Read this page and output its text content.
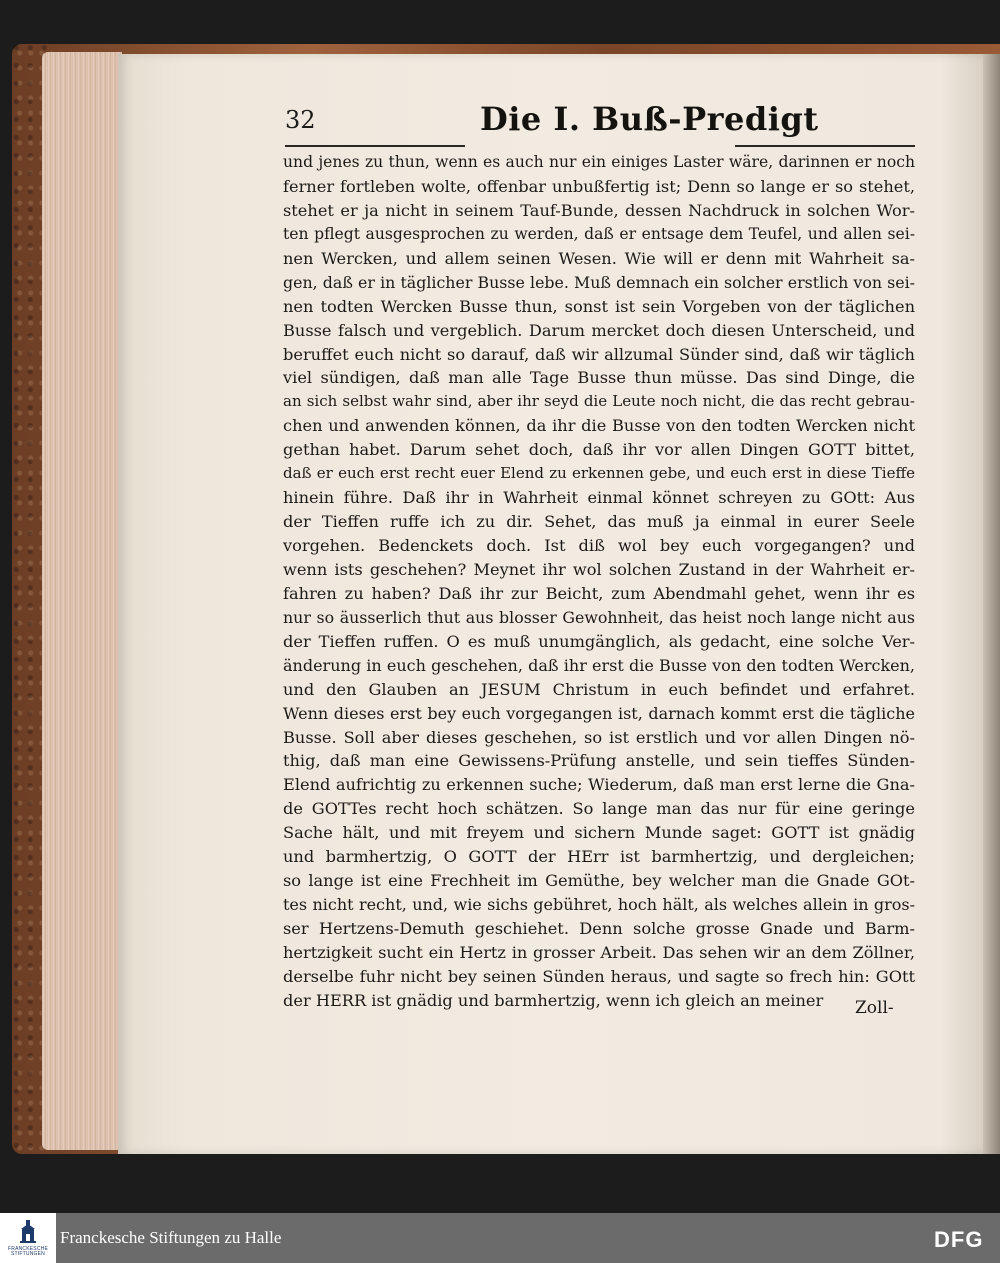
32	Die I. Buß-Predigt
und jenes zu thun, wenn es auch nur ein einiges Laster wäre, darinnen er noch
ferner fortleben wolte, offenbar unbußfertig ist; Denn so lange er so stehet,
stehet er ja nicht in seinem Tauf-Bunde, dessen Nachdruck in solchen Wor-
ten pflegt ausgesprochen zu werden, daß er entsage dem Teufel, und allen sei-
nen Wercken, und allem seinen Wesen. Wie will er denn mit Wahrheit sa-
gen, daß er in täglicher Busse lebe. Muß demnach ein solcher erstlich von sei-
nen todten Wercken Busse thun, sonst ist sein Vorgeben von der täglichen
Busse falsch und vergeblich. Darum mercket doch diesen Unterscheid, und
beruffet euch nicht so darauf, daß wir allzumal Sünder sind, daß wir täglich
viel sündigen, daß man alle Tage Busse thun müsse. Das sind Dinge, die
an sich selbst wahr sind, aber ihr seyd die Leute noch nicht, die das recht gebrau-
chen und anwenden können, da ihr die Busse von den todten Wercken nicht
gethan habet. Darum sehet doch, daß ihr vor allen Dingen GOTT bittet,
daß er euch erst recht euer Elend zu erkennen gebe, und euch erst in diese Tieffe
hinein führe. Daß ihr in Wahrheit einmal könnet schreyen zu GOtt: Aus
der Tieffen ruffe ich zu dir. Sehet, das muß ja einmal in eurer Seele
vorgehen. Bedenckets doch. Ist diß wol bey euch vorgegangen? und
wenn ists geschehen? Meynet ihr wol solchen Zustand in der Wahrheit er-
fahren zu haben? Daß ihr zur Beicht, zum Abendmahl gehet, wenn ihr es
nur so äusserlich thut aus blosser Gewohnheit, das heist noch lange nicht aus
der Tieffen ruffen. O es muß unumgänglich, als gedacht, eine solche Ver-
änderung in euch geschehen, daß ihr erst die Busse von den todten Wercken,
und den Glauben an JESUM Christum in euch befindet und erfahret.
Wenn dieses erst bey euch vorgegangen ist, darnach kommt erst die tägliche
Busse. Soll aber dieses geschehen, so ist erstlich und vor allen Dingen nö-
thig, daß man eine Gewissens-Prüfung anstelle, und sein tieffes Sünden-
Elend aufrichtig zu erkennen suche; Wiederum, daß man erst lerne die Gna-
de GOTTes recht hoch schätzen. So lange man das nur für eine geringe
Sache hält, und mit freyem und sichern Munde saget: GOTT ist gnädig
und barmhertzig, O GOTT der HErr ist barmhertzig, und dergleichen;
so lange ist eine Frechheit im Gemüthe, bey welcher man die Gnade GOt-
tes nicht recht, und, wie sichs gebühret, hoch hält, als welches allein in gros-
ser Hertzens-Demuth geschiehet. Denn solche grosse Gnade und Barm-
hertzigkeit sucht ein Hertz in grosser Arbeit. Das sehen wir an dem Zöllner,
derselbe fuhr nicht bey seinen Sünden heraus, und sagte so frech hin: GOtt
der HERR ist gnädig und barmhertzig, wenn ich gleich an meiner	Zoll-
FRANCKESCHE
STIFTUNGEN
Franckesche Stiftungen zu Halle	DFG
